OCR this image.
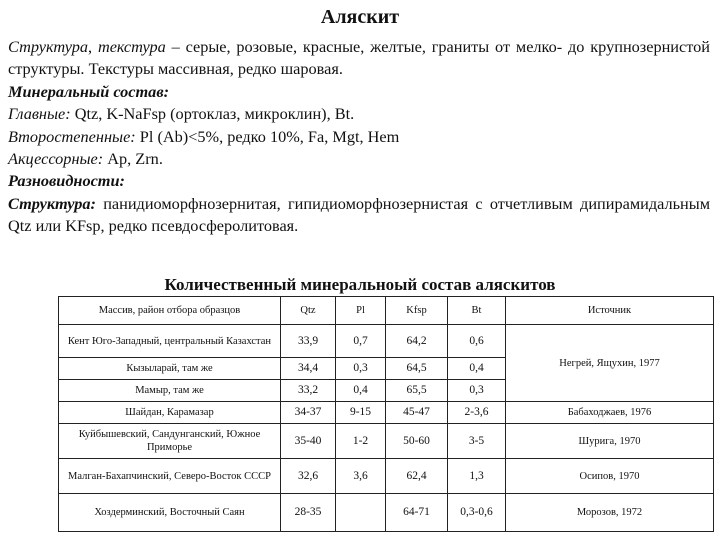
Аляскит

Структура, текстура – серые, розовые, красные, желтые, граниты от мелко- до крупнозернистой структуры. Текстуры массивная, редко шаровая.

Минеральный состав:

Главные: Qtz, K-NaFsp (ортоклаз, микроклин), Bt.

Второстепенные: Pl (Ab)<5%, редко 10%, Fa, Mgt, Hem

Акцессорные: Ap, Zrn.

Разновидности:

Структура: панидиоморфнозернитая, гипидиоморфнозернистая с отчетливым дипирамидальным Qtz или KFsp, редко псевдосферолитовая.

Количественный минеральноый состав аляскитов
Массив, район отбора образцов	Qtz	Pl	Kfsp	Bt	Источник
Кент Юго-Западный, центральный Казахстан	33,9	0,7	64,2	0,6	Негрей, Ящухин, 1977
Кызыларай, там же	34,4	0,3	64,5	0,4	
Мамыр, там же	33,2	0,4	65,5	0,3	
Шайдан, Карамазар	34-37	9-15	45-47	2-3,6	Бабаходжаев, 1976
Куйбышевский, Сандунганский, Южное Приморье	35-40	1-2	50-60	3-5	Шурига, 1970
Малган-Бахапчинский, Северо-Восток СССР	32,6	3,6	62,4	1,3	Осипов, 1970
Хоздерминский, Восточный Саян	28-35		64-71	0,3-0,6	Морозов, 1972
